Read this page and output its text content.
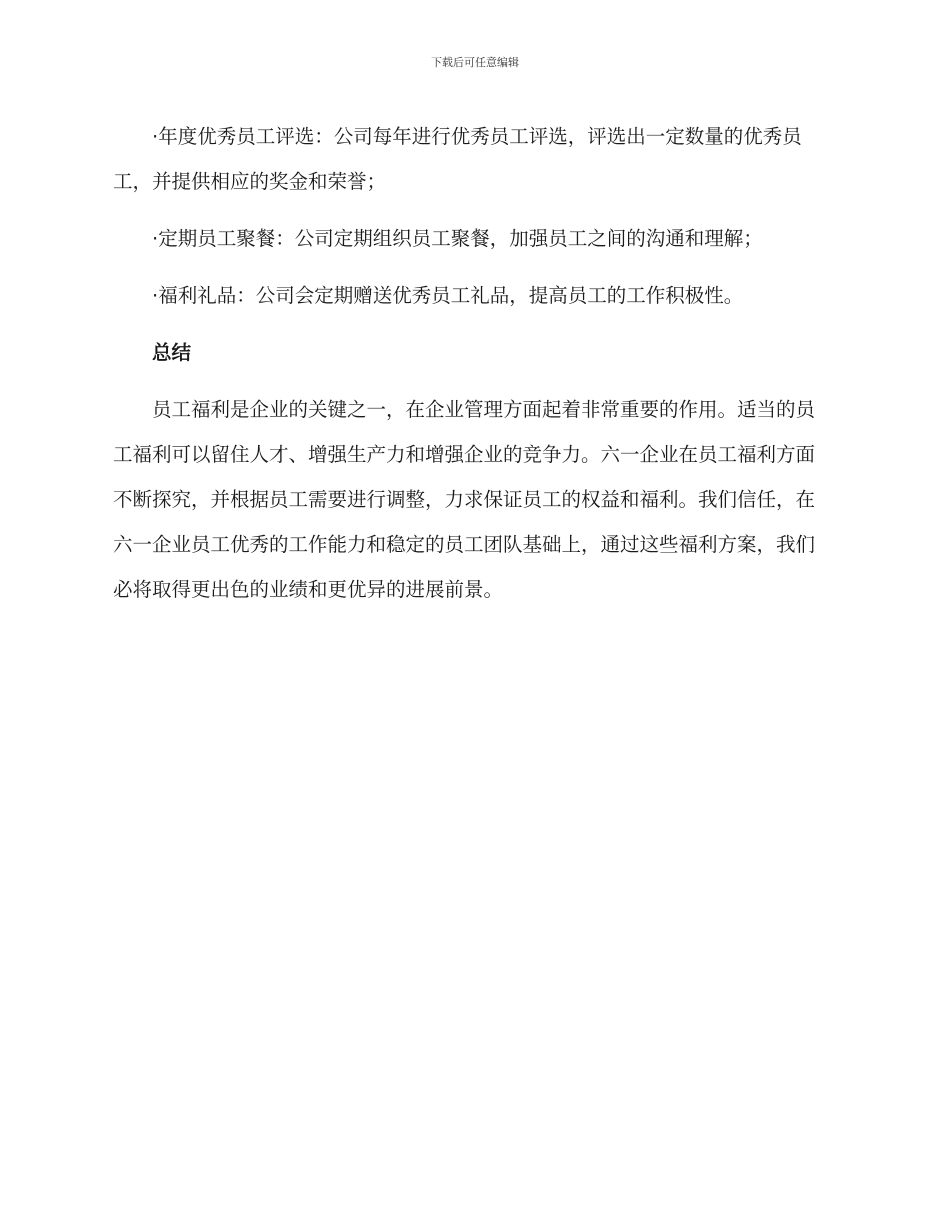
下载后可任意编辑

·年度优秀员工评选：公司每年进行优秀员工评选，评选出一定数量的优秀员工，并提供相应的奖金和荣誉；

·定期员工聚餐：公司定期组织员工聚餐，加强员工之间的沟通和理解；

·福利礼品：公司会定期赠送优秀员工礼品，提高员工的工作积极性。

总结

员工福利是企业的关键之一，在企业管理方面起着非常重要的作用。适当的员工福利可以留住人才、增强生产力和增强企业的竞争力。六一企业在员工福利方面不断探究，并根据员工需要进行调整，力求保证员工的权益和福利。我们信任，在六一企业员工优秀的工作能力和稳定的员工团队基础上，通过这些福利方案，我们必将取得更出色的业绩和更优异的进展前景。
